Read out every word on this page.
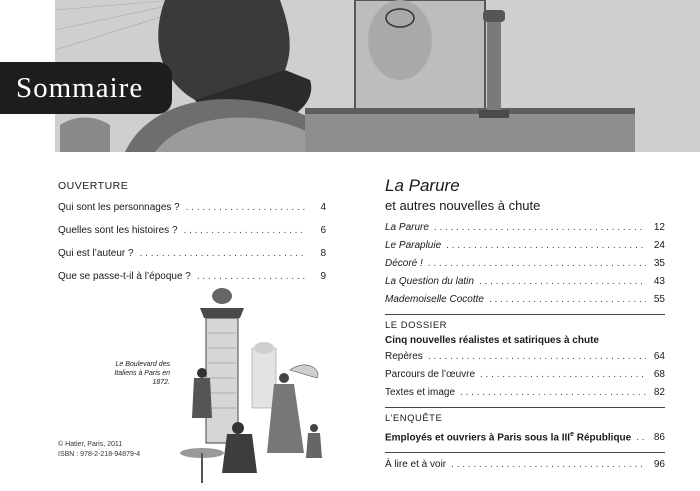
Sommaire
OUVERTURE
Qui sont les personnages ? . . .	4
Quelles sont les histoires ? . . .	6
Qui est l’auteur ? . . .	8
Que se passe-t-il à l’époque ? . . .	9
Le Boulevard des Italiens à Paris en 1872.
© Hatier, Paris, 2011
ISBN : 978-2-218-94879-4
La Parure
et autres nouvelles à chute
La Parure . . .	12
Le Parapluie . . .	24
Décoré ! . . .	35
La Question du latin . . .	43
Mademoiselle Cocotte . . .	55
LE DOSSIER
Cinq nouvelles réalistes et satiriques à chute
Repères . . .	64
Parcours de l’œuvre . . .	68
Textes et image . . .	82
L’ENQUÊTE
Employés et ouvriers à Paris sous la IIIe République . . . 86
À lire et à voir . . .	96
